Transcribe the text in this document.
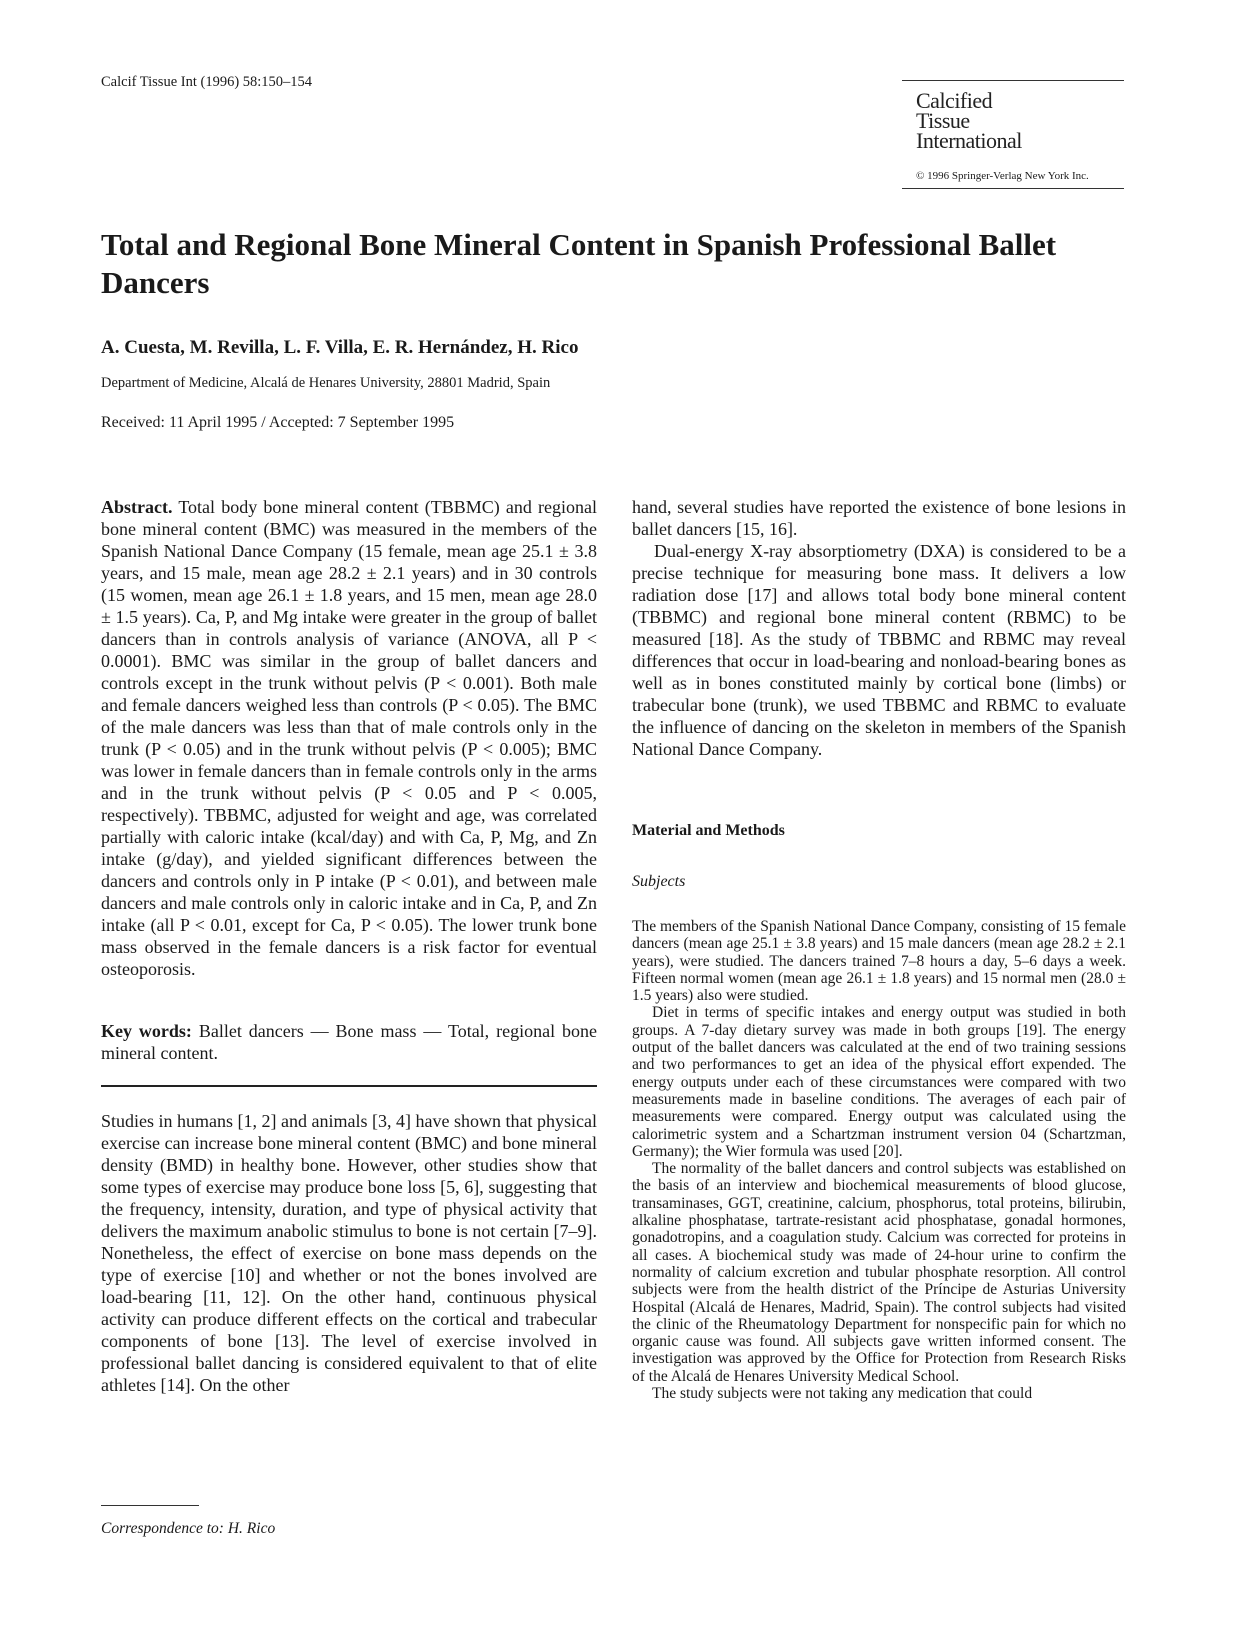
Calcif Tissue Int (1996) 58:150–154
Calcified
Tissue
International
© 1996 Springer-Verlag New York Inc.
Total and Regional Bone Mineral Content in Spanish Professional Ballet Dancers
A. Cuesta, M. Revilla, L. F. Villa, E. R. Hernández, H. Rico
Department of Medicine, Alcalá de Henares University, 28801 Madrid, Spain
Received: 11 April 1995 / Accepted: 7 September 1995
Abstract. Total body bone mineral content (TBBMC) and regional bone mineral content (BMC) was measured in the members of the Spanish National Dance Company (15 female, mean age 25.1 ± 3.8 years, and 15 male, mean age 28.2 ± 2.1 years) and in 30 controls (15 women, mean age 26.1 ± 1.8 years, and 15 men, mean age 28.0 ± 1.5 years). Ca, P, and Mg intake were greater in the group of ballet dancers than in controls analysis of variance (ANOVA, all P < 0.0001). BMC was similar in the group of ballet dancers and controls except in the trunk without pelvis (P < 0.001). Both male and female dancers weighed less than controls (P < 0.05). The BMC of the male dancers was less than that of male controls only in the trunk (P < 0.05) and in the trunk without pelvis (P < 0.005); BMC was lower in female dancers than in female controls only in the arms and in the trunk without pelvis (P < 0.05 and P < 0.005, respectively). TBBMC, adjusted for weight and age, was correlated partially with caloric intake (kcal/day) and with Ca, P, Mg, and Zn intake (g/day), and yielded significant differences between the dancers and controls only in P intake (P < 0.01), and between male dancers and male controls only in caloric intake and in Ca, P, and Zn intake (all P < 0.01, except for Ca, P < 0.05). The lower trunk bone mass observed in the female dancers is a risk factor for eventual osteoporosis.
Key words: Ballet dancers — Bone mass — Total, regional bone mineral content.
Studies in humans [1, 2] and animals [3, 4] have shown that physical exercise can increase bone mineral content (BMC) and bone mineral density (BMD) in healthy bone. However, other studies show that some types of exercise may produce bone loss [5, 6], suggesting that the frequency, intensity, duration, and type of physical activity that delivers the maximum anabolic stimulus to bone is not certain [7–9]. Nonetheless, the effect of exercise on bone mass depends on the type of exercise [10] and whether or not the bones involved are load-bearing [11, 12]. On the other hand, continuous physical activity can produce different effects on the cortical and trabecular components of bone [13]. The level of exercise involved in professional ballet dancing is considered equivalent to that of elite athletes [14]. On the other
Correspondence to: H. Rico

hand, several studies have reported the existence of bone lesions in ballet dancers [15, 16].

Dual-energy X-ray absorptiometry (DXA) is considered to be a precise technique for measuring bone mass. It delivers a low radiation dose [17] and allows total body bone mineral content (TBBMC) and regional bone mineral content (RBMC) to be measured [18]. As the study of TBBMC and RBMC may reveal differences that occur in load-bearing and nonload-bearing bones as well as in bones constituted mainly by cortical bone (limbs) or trabecular bone (trunk), we used TBBMC and RBMC to evaluate the influence of dancing on the skeleton in members of the Spanish National Dance Company.

Material and Methods
Subjects

The members of the Spanish National Dance Company, consisting of 15 female dancers (mean age 25.1 ± 3.8 years) and 15 male dancers (mean age 28.2 ± 2.1 years), were studied. The dancers trained 7–8 hours a day, 5–6 days a week. Fifteen normal women (mean age 26.1 ± 1.8 years) and 15 normal men (28.0 ± 1.5 years) also were studied.

Diet in terms of specific intakes and energy output was studied in both groups. A 7-day dietary survey was made in both groups [19]. The energy output of the ballet dancers was calculated at the end of two training sessions and two performances to get an idea of the physical effort expended. The energy outputs under each of these circumstances were compared with two measurements made in baseline conditions. The averages of each pair of measurements were compared. Energy output was calculated using the calorimetric system and a Schartzman instrument version 04 (Schartzman, Germany); the Wier formula was used [20].

The normality of the ballet dancers and control subjects was established on the basis of an interview and biochemical measurements of blood glucose, transaminases, GGT, creatinine, calcium, phosphorus, total proteins, bilirubin, alkaline phosphatase, tartrate-resistant acid phosphatase, gonadal hormones, gonadotropins, and a coagulation study. Calcium was corrected for proteins in all cases. A biochemical study was made of 24-hour urine to confirm the normality of calcium excretion and tubular phosphate resorption. All control subjects were from the health district of the Príncipe de Asturias University Hospital (Alcalá de Henares, Madrid, Spain). The control subjects had visited the clinic of the Rheumatology Department for nonspecific pain for which no organic cause was found. All subjects gave written informed consent. The investigation was approved by the Office for Protection from Research Risks of the Alcalá de Henares University Medical School.

The study subjects were not taking any medication that could
